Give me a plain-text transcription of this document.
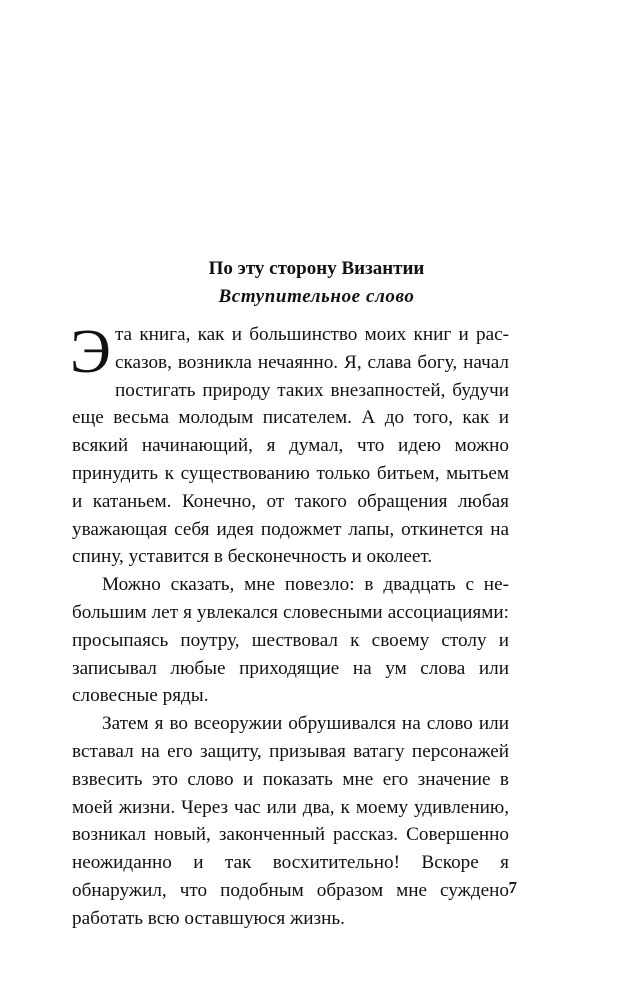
По эту сторону Византии
Вступительное слово

Эта книга, как и большинство моих книг и рассказов, возникла нечаянно. Я, слава богу, начал постигать природу таких внезапностей, будучи еще весьма молодым писателем. А до того, как и всякий начинающий, я думал, что идею можно принудить к существованию только битьем, мытьем и катаньем. Конечно, от такого обращения любая уважающая себя идея подожмет лапы, откинется на спину, уставится в бесконечность и околеет.

Можно сказать, мне повезло: в двадцать с небольшим лет я увлекался словесными ассоциациями: просыпаясь поутру, шествовал к своему столу и записывал любые приходящие на ум слова или словесные ряды.

Затем я во всеоружии обрушивался на слово или вставал на его защиту, призывая ватагу персонажей взвесить это слово и показать мне его значение в моей жизни. Через час или два, к моему удивлению, возникал новый, законченный рассказ. Совершенно неожиданно и так восхитительно! Вскоре я обнаружил, что подобным образом мне суждено работать всю оставшуюся жизнь.

7
